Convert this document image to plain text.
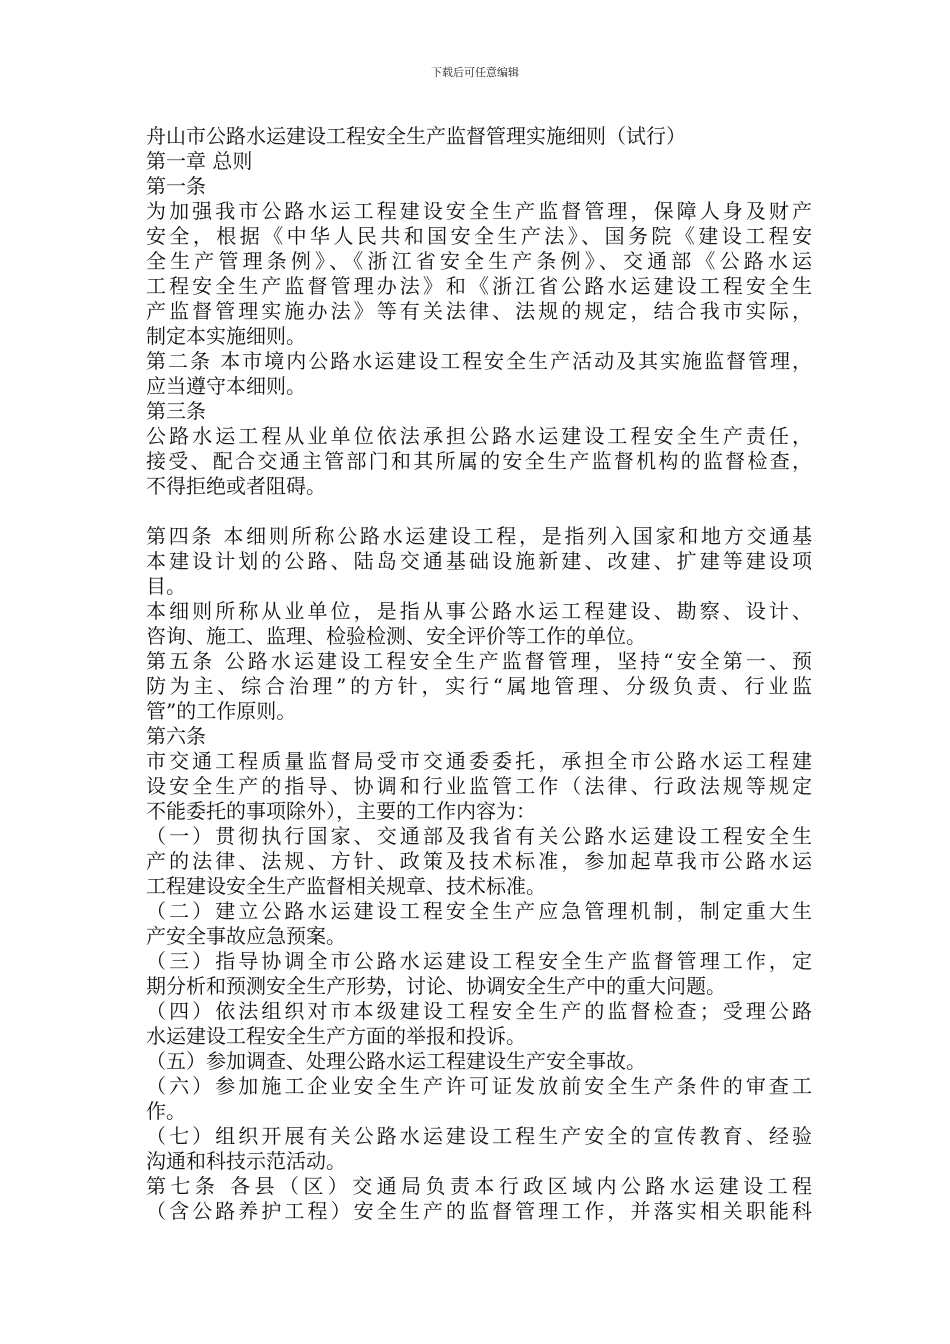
下载后可任意编辑
舟山市公路水运建设工程安全生产监督管理实施细则（试行）
第一章 总则
第一条
为加强我市公路水运工程建设安全生产监督管理，保障人身及财产
安全，根据《中华人民共和国安全生产法》、国务院《建设工程安
全生产管理条例》、《浙江省安全生产条例》、交通部《公路水运
工程安全生产监督管理办法》和《浙江省公路水运建设工程安全生
产监督管理实施办法》等有关法律、法规的规定，结合我市实际，
制定本实施细则。
第二条 本市境内公路水运建设工程安全生产活动及其实施监督管理，
应当遵守本细则。
第三条
公路水运工程从业单位依法承担公路水运建设工程安全生产责任，
接受、配合交通主管部门和其所属的安全生产监督机构的监督检查，
不得拒绝或者阻碍。
第四条 本细则所称公路水运建设工程，是指列入国家和地方交通基
本建设计划的公路、陆岛交通基础设施新建、改建、扩建等建设项
目。
本细则所称从业单位，是指从事公路水运工程建设、勘察、设计、
咨询、施工、监理、检验检测、安全评价等工作的单位。
第五条 公路水运建设工程安全生产监督管理，坚持“安全第一、预
防为主、综合治理”的方针，实行“属地管理、分级负责、行业监
管”的工作原则。
第六条
市交通工程质量监督局受市交通委委托，承担全市公路水运工程建
设安全生产的指导、协调和行业监管工作（法律、行政法规等规定
不能委托的事项除外），主要的工作内容为：
（一）贯彻执行国家、交通部及我省有关公路水运建设工程安全生
产的法律、法规、方针、政策及技术标准，参加起草我市公路水运
工程建设安全生产监督相关规章、技术标准。
（二）建立公路水运建设工程安全生产应急管理机制，制定重大生
产安全事故应急预案。
（三）指导协调全市公路水运建设工程安全生产监督管理工作，定
期分析和预测安全生产形势，讨论、协调安全生产中的重大问题。
（四）依法组织对市本级建设工程安全生产的监督检查；受理公路
水运建设工程安全生产方面的举报和投诉。
（五）参加调查、处理公路水运工程建设生产安全事故。
（六）参加施工企业安全生产许可证发放前安全生产条件的审查工
作。
（七）组织开展有关公路水运建设工程生产安全的宣传教育、经验
沟通和科技示范活动。
第七条 各县（区）交通局负责本行政区域内公路水运建设工程
（含公路养护工程）安全生产的监督管理工作，并落实相关职能科
